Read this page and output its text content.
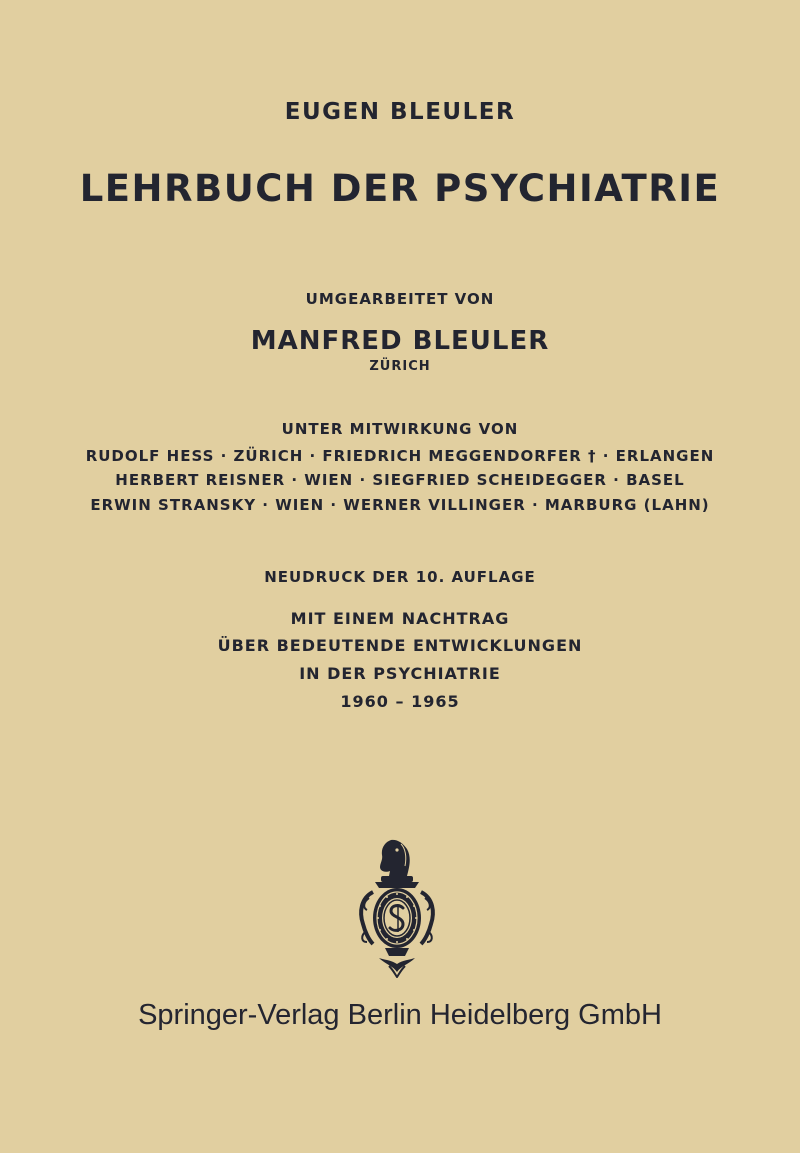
EUGEN BLEULER
LEHRBUCH DER PSYCHIATRIE
UMGEARBEITET VON
MANFRED BLEULER
ZÜRICH
UNTER MITWIRKUNG VON
RUDOLF HESS · ZÜRICH · FRIEDRICH MEGGENDORFER † · ERLANGEN
HERBERT REISNER · WIEN · SIEGFRIED SCHEIDEGGER · BASEL
ERWIN STRANSKY · WIEN · WERNER VILLINGER · MARBURG (LAHN)
NEUDRUCK DER 10. AUFLAGE
MIT EINEM NACHTRAG
ÜBER BEDEUTENDE ENTWICKLUNGEN
IN DER PSYCHIATRIE
1960 – 1965
Springer-Verlag Berlin Heidelberg GmbH
